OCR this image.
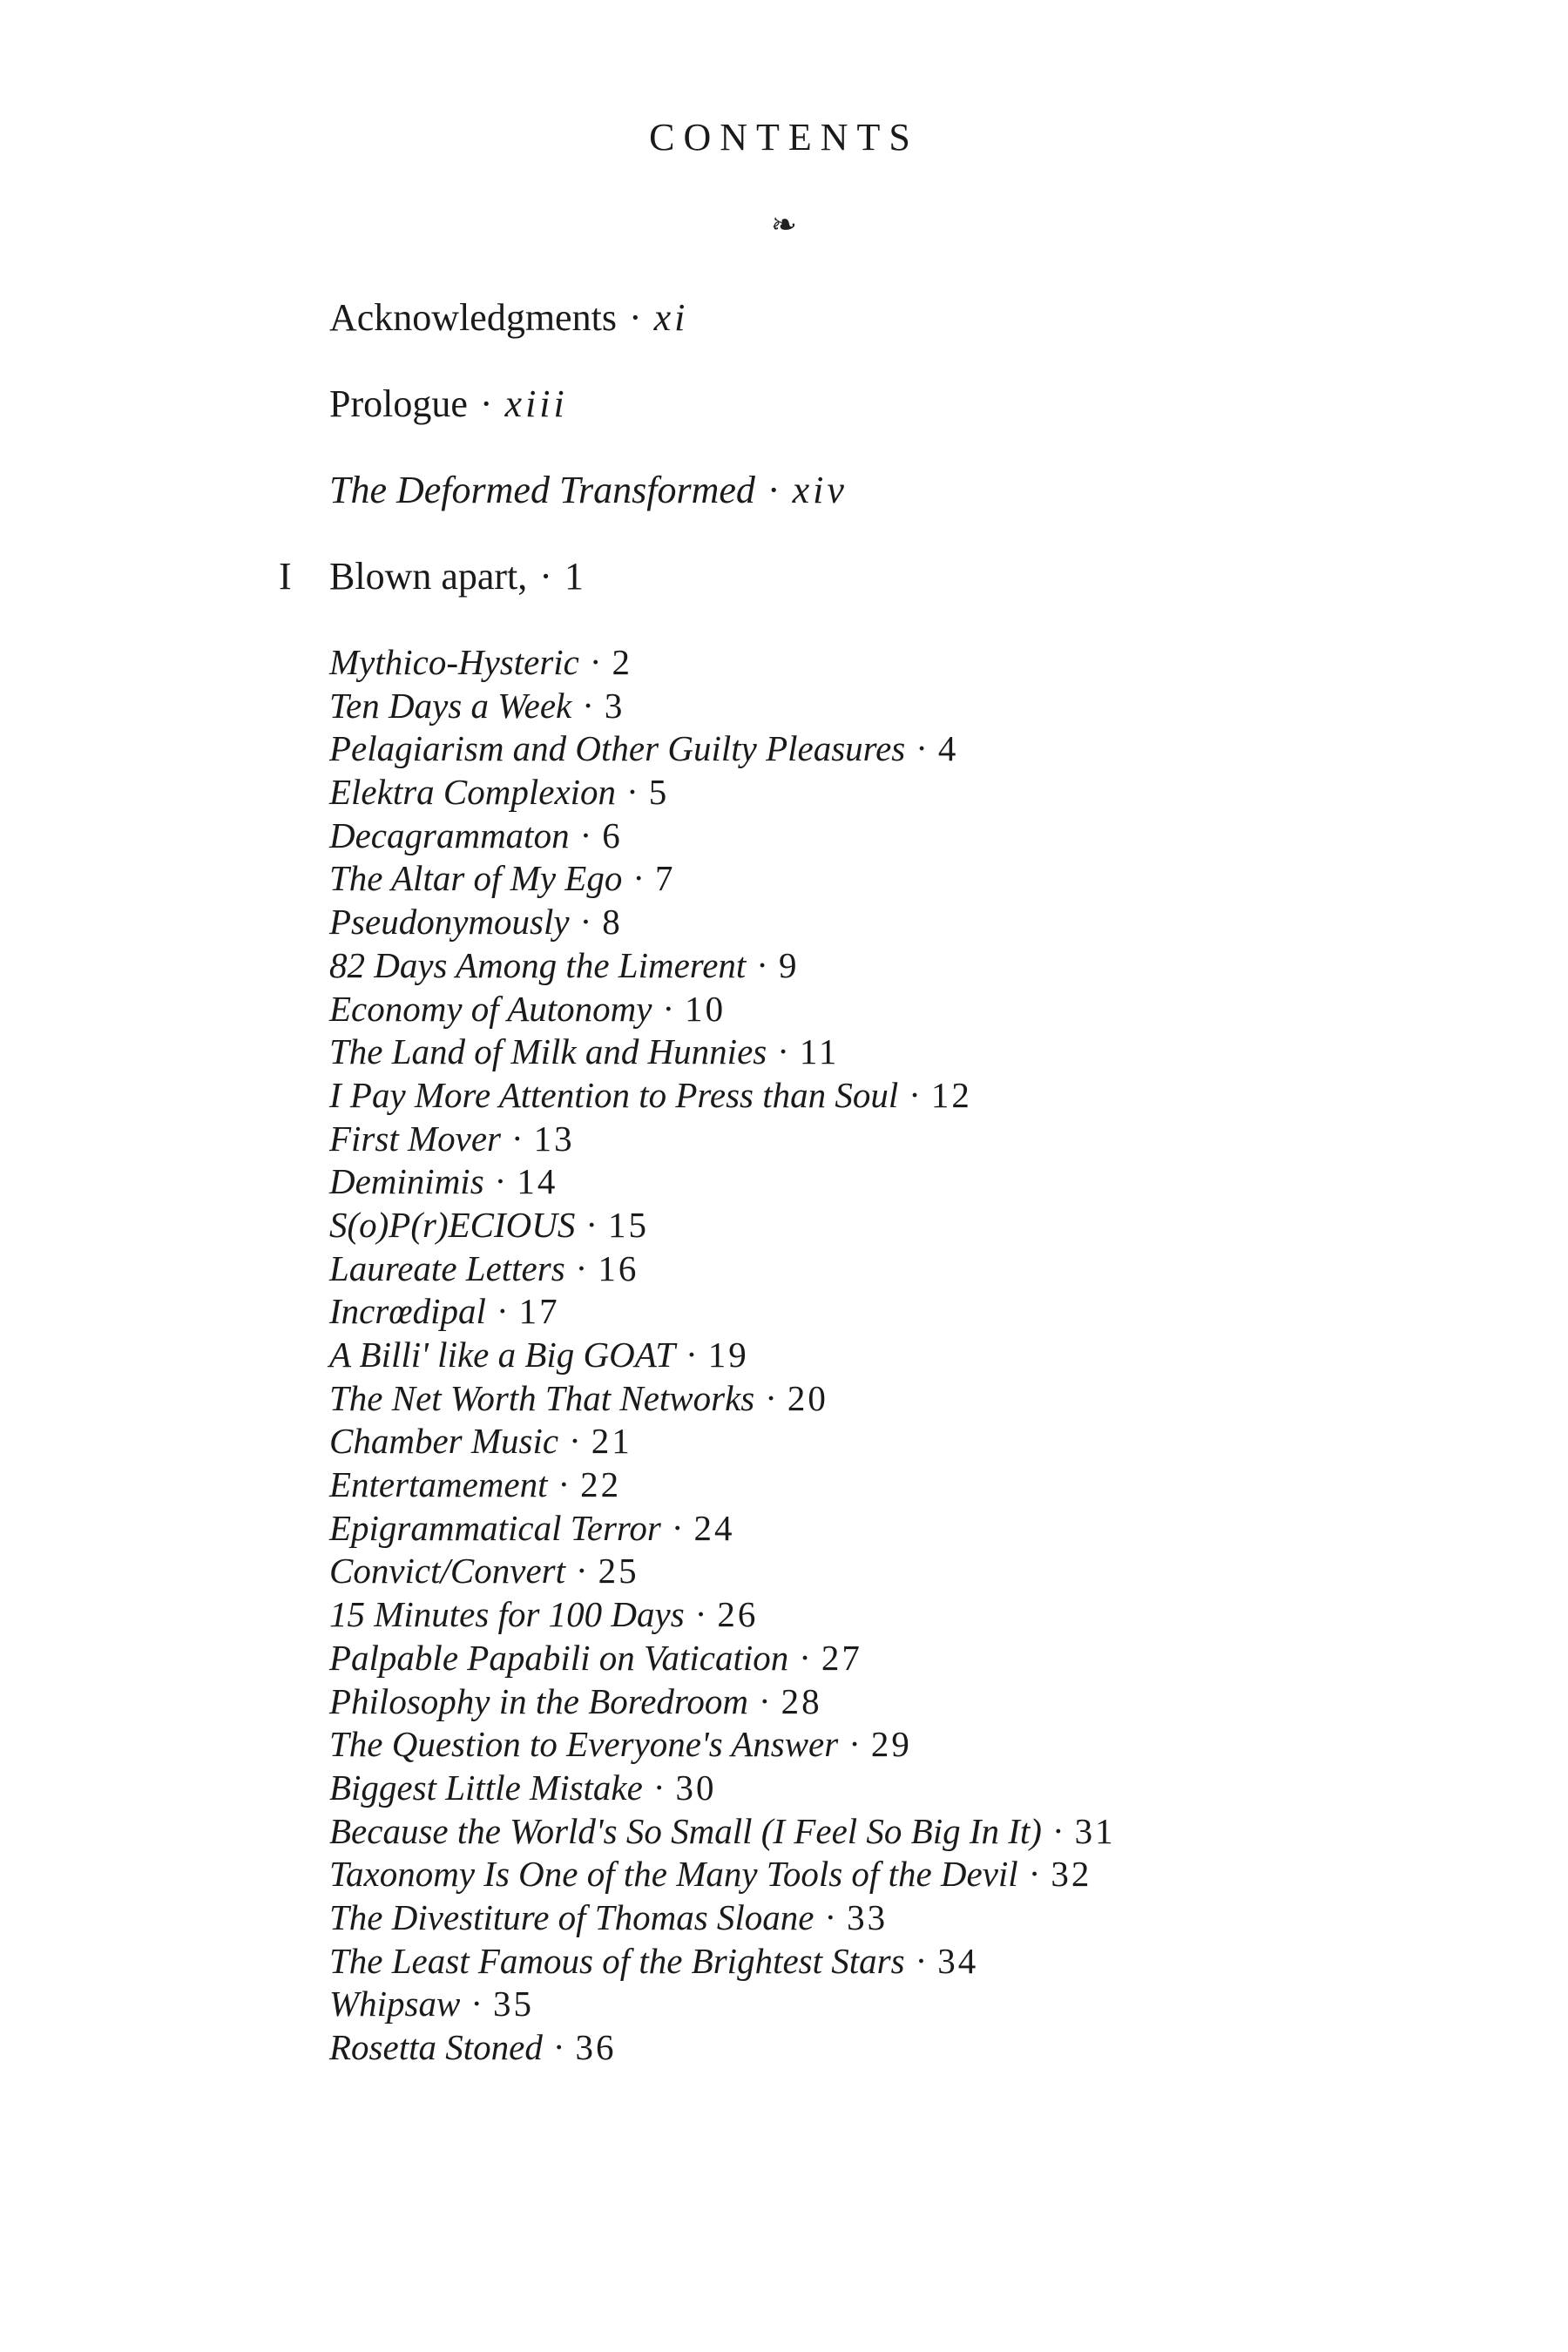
CONTENTS
❧
Acknowledgments · xi
Prologue · xiii
The Deformed Transformed · xiv
I Blown apart, · 1
Mythico-Hysteric · 2
Ten Days a Week · 3
Pelagiarism and Other Guilty Pleasures · 4
Elektra Complexion · 5
Decagrammaton · 6
The Altar of My Ego · 7
Pseudonymously · 8
82 Days Among the Limerent · 9
Economy of Autonomy · 10
The Land of Milk and Hunnies · 11
I Pay More Attention to Press than Soul · 12
First Mover · 13
Deminimis · 14
S(o)P(r)ECIOUS · 15
Laureate Letters · 16
Incrœdipal · 17
A Billi' like a Big GOAT · 19
The Net Worth That Networks · 20
Chamber Music · 21
Entertamement · 22
Epigrammatical Terror · 24
Convict/Convert · 25
15 Minutes for 100 Days · 26
Palpable Papabili on Vatication · 27
Philosophy in the Boredroom · 28
The Question to Everyone's Answer · 29
Biggest Little Mistake · 30
Because the World's So Small (I Feel So Big In It) · 31
Taxonomy Is One of the Many Tools of the Devil · 32
The Divestiture of Thomas Sloane · 33
The Least Famous of the Brightest Stars · 34
Whipsaw · 35
Rosetta Stoned · 36
